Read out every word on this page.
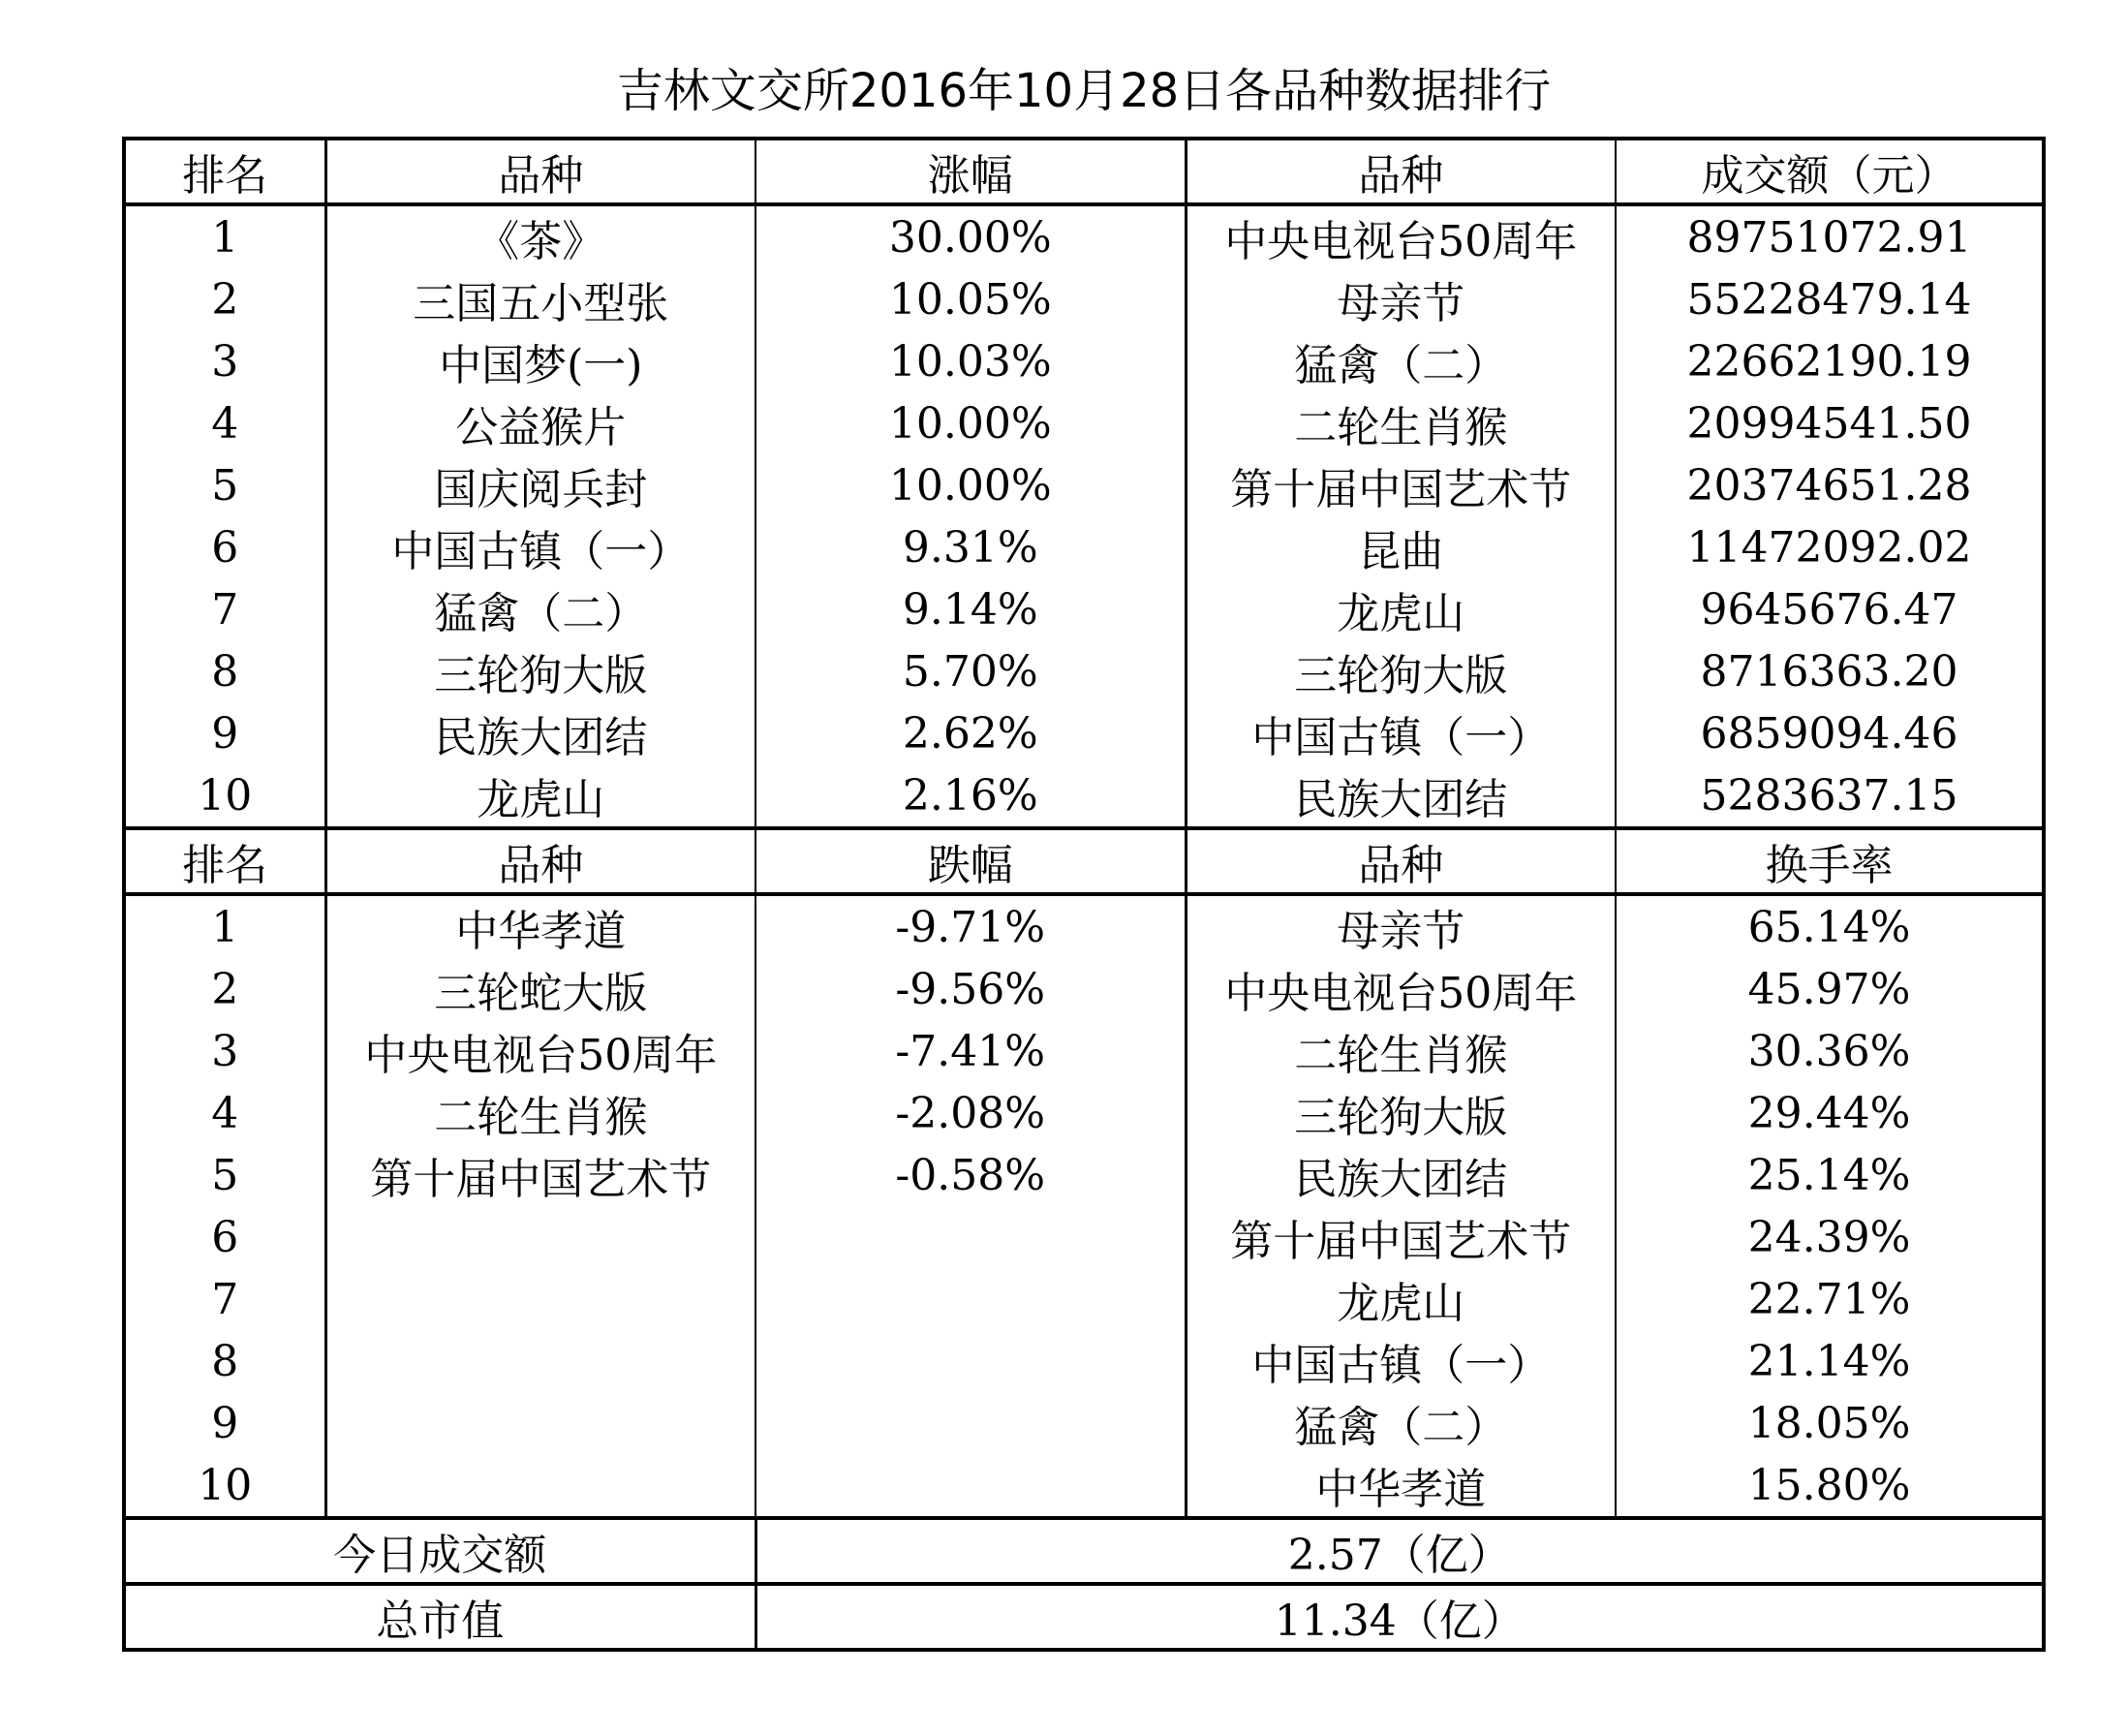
吉林文交所2016年10月28日各品种数据排行
排名	品种	涨幅	品种	成交额（元）
1	《茶》	30.00%	中央电视台50周年	89751072.91
2	三国五小型张	10.05%	母亲节	55228479.14
3	中国梦(一)	10.03%	猛禽（二）	22662190.19
4	公益猴片	10.00%	二轮生肖猴	20994541.50
5	国庆阅兵封	10.00%	第十届中国艺术节	20374651.28
6	中国古镇（一）	9.31%	昆曲	11472092.02
7	猛禽（二）	9.14%	龙虎山	9645676.47
8	三轮狗大版	5.70%	三轮狗大版	8716363.20
9	民族大团结	2.62%	中国古镇（一）	6859094.46
10	龙虎山	2.16%	民族大团结	5283637.15
排名	品种	跌幅	品种	换手率
1	中华孝道	-9.71%	母亲节	65.14%
2	三轮蛇大版	-9.56%	中央电视台50周年	45.97%
3	中央电视台50周年	-7.41%	二轮生肖猴	30.36%
4	二轮生肖猴	-2.08%	三轮狗大版	29.44%
5	第十届中国艺术节	-0.58%	民族大团结	25.14%
6			第十届中国艺术节	24.39%
7			龙虎山	22.71%
8			中国古镇（一）	21.14%
9			猛禽（二）	18.05%
10			中华孝道	15.80%
今日成交额		2.57（亿）		
总市值		11.34（亿）		
